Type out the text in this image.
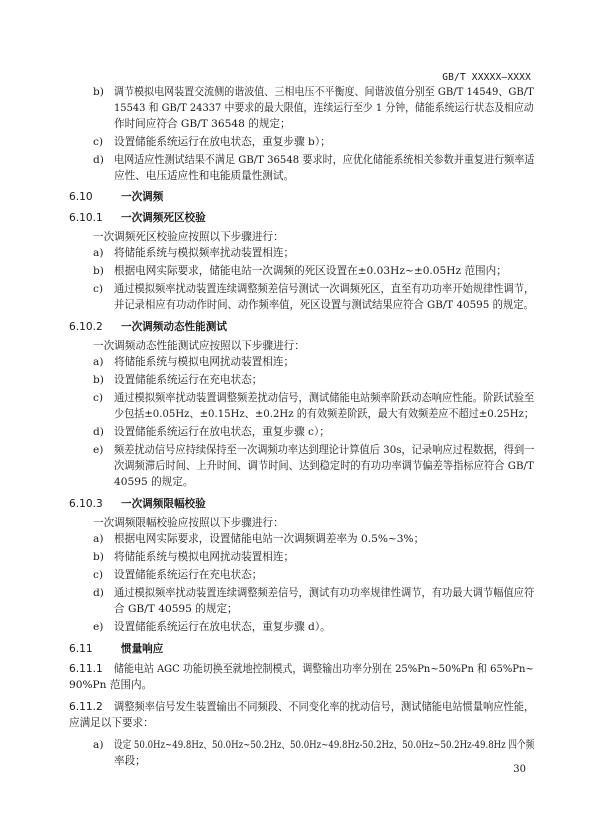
GB/T XXXXX—XXXX
b) 调节模拟电网装置交流侧的谐波值、三相电压不平衡度、间谐波值分别至 GB/T 14549、GB/T
15543 和 GB/T 24337 中要求的最大限值，连续运行至少 1 分钟，储能系统运行状态及相应动
作时间应符合 GB/T 36548 的规定；
c) 设置储能系统运行在放电状态，重复步骤 b）；
d) 电网适应性测试结果不满足 GB/T 36548 要求时，应优化储能系统相关参数并重复进行频率适
应性、电压适应性和电能质量性测试。
6.10	一次调频
6.10.1 一次调频死区校验
一次调频死区校验应按照以下步骤进行：
a) 将储能系统与模拟频率扰动装置相连；
b) 根据电网实际要求，储能电站一次调频的死区设置在±0.03Hz~±0.05Hz 范围内；
c) 通过模拟频率扰动装置连续调整频差信号测试一次调频死区，直至有功功率开始规律性调节，
并记录相应有功动作时间、动作频率值，死区设置与测试结果应符合 GB/T 40595 的规定。
6.10.2 一次调频动态性能测试
一次调频动态性能测试应按照以下步骤进行：
a) 将储能系统与模拟电网扰动装置相连；
b) 设置储能系统运行在充电状态；
c) 通过模拟频率扰动装置调整频差扰动信号，测试储能电站频率阶跃动态响应性能。阶跃试验至
少包括±0.05Hz、±0.15Hz、±0.2Hz 的有效频差阶跃，最大有效频差应不超过±0.25Hz；
d) 设置储能系统运行在放电状态，重复步骤 c）；
e) 频差扰动信号应持续保持至一次调频功率达到理论计算值后 30s，记录响应过程数据，得到一
次调频滞后时间、上升时间、调节时间、达到稳定时的有功功率调节偏差等指标应符合 GB/T
40595 的规定。
6.10.3 一次调频限幅校验
一次调频限幅校验应按照以下步骤进行：
a) 根据电网实际要求，设置储能电站一次调频调差率为 0.5%~3%；
b) 将储能系统与模拟电网扰动装置相连；
c) 设置储能系统运行在充电状态；
d) 通过模拟频率扰动装置连续调整频差信号，测试有功功率规律性调节，有功最大调节幅值应符
合 GB/T 40595 的规定；
e) 设置储能系统运行在放电状态，重复步骤 d）。
6.11	惯量响应
6.11.1 储能电站 AGC 功能切换至就地控制模式，调整输出功率分别在 25%Pn~50%Pn 和 65%Pn~
90%Pn 范围内。
6.11.2 调整频率信号发生装置输出不同频段、不同变化率的扰动信号，测试储能电站惯量响应性能，
应满足以下要求：
a) 设定 50.0Hz~49.8Hz、50.0Hz~50.2Hz、50.0Hz~49.8Hz-50.2Hz、50.0Hz~50.2Hz-49.8Hz 四个频
率段；
30
